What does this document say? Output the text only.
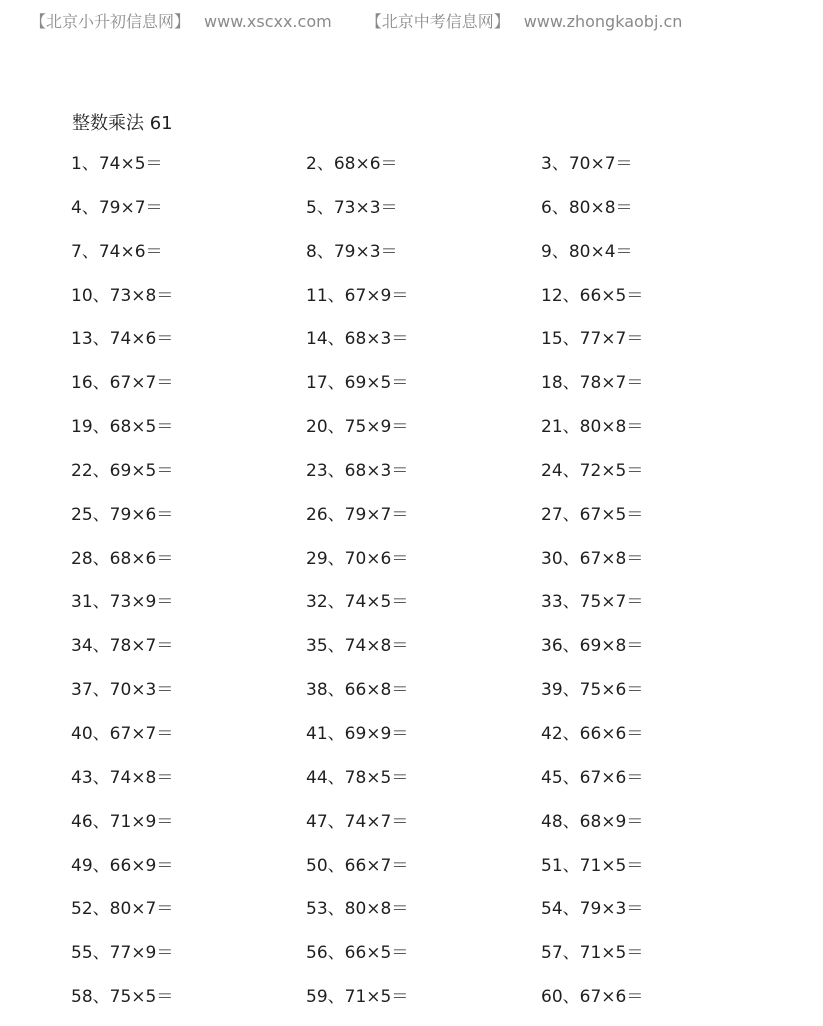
【北京小升初信息网】 www.xscxx.com 【北京中考信息网】 www.zhongkaobj.cn
整数乘法 61
1、74×5＝	2、68×6＝	3、70×7＝
4、79×7＝	5、73×3＝	6、80×8＝
7、74×6＝	8、79×3＝	9、80×4＝
10、73×8＝	11、67×9＝	12、66×5＝
13、74×6＝	14、68×3＝	15、77×7＝
16、67×7＝	17、69×5＝	18、78×7＝
19、68×5＝	20、75×9＝	21、80×8＝
22、69×5＝	23、68×3＝	24、72×5＝
25、79×6＝	26、79×7＝	27、67×5＝
28、68×6＝	29、70×6＝	30、67×8＝
31、73×9＝	32、74×5＝	33、75×7＝
34、78×7＝	35、74×8＝	36、69×8＝
37、70×3＝	38、66×8＝	39、75×6＝
40、67×7＝	41、69×9＝	42、66×6＝
43、74×8＝	44、78×5＝	45、67×6＝
46、71×9＝	47、74×7＝	48、68×9＝
49、66×9＝	50、66×7＝	51、71×5＝
52、80×7＝	53、80×8＝	54、79×3＝
55、77×9＝	56、66×5＝	57、71×5＝
58、75×5＝	59、71×5＝	60、67×6＝
